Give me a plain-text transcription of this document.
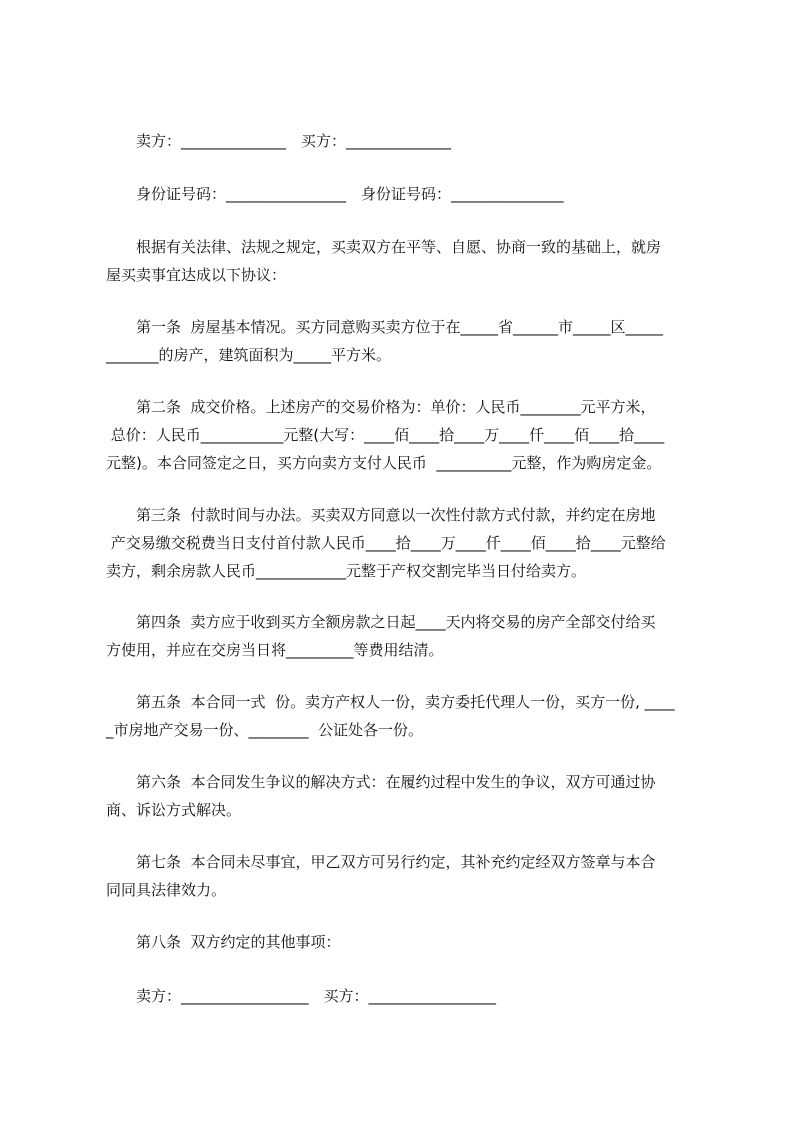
　　卖方：______________　买方：______________
　　身份证号码：________________　身份证号码：_______________
　　根据有关法律、法规之规定，买卖双方在平等、自愿、协商一致的基础上，就房
屋买卖事宜达成以下协议：
　　第一条  房屋基本情况。买方同意购买卖方位于在_____省______市_____区_____
_______的房产，建筑面积为_____平方米。
　　第二条  成交价格。上述房产的交易价格为：单价：人民币________元平方米，
总价：人民币___________元整(大写：____佰____拾____万____仟____佰____拾____
元整)。本合同签定之日，买方向卖方支付人民币  __________元整，作为购房定金。
　　第三条  付款时间与办法。买卖双方同意以一次性付款方式付款，并约定在房地
产交易缴交税费当日支付首付款人民币____拾____万____仟____佰____拾____元整给
卖方，剩余房款人民币____________元整于产权交割完毕当日付给卖方。
　　第四条  卖方应于收到买方全额房款之日起____天内将交易的房产全部交付给买
方使用，并应在交房当日将_________等费用结清。
　　第五条  本合同一式  份。卖方产权人一份，卖方委托代理人一份，买方一份, ____
_市房地产交易一份、________  公证处各一份。
　　第六条  本合同发生争议的解决方式：在履约过程中发生的争议，双方可通过协
商、诉讼方式解决。
　　第七条  本合同未尽事宜，甲乙双方可另行约定，其补充约定经双方签章与本合
同同具法律效力。
　　第八条  双方约定的其他事项：
　　卖方：_________________　买方：_________________
